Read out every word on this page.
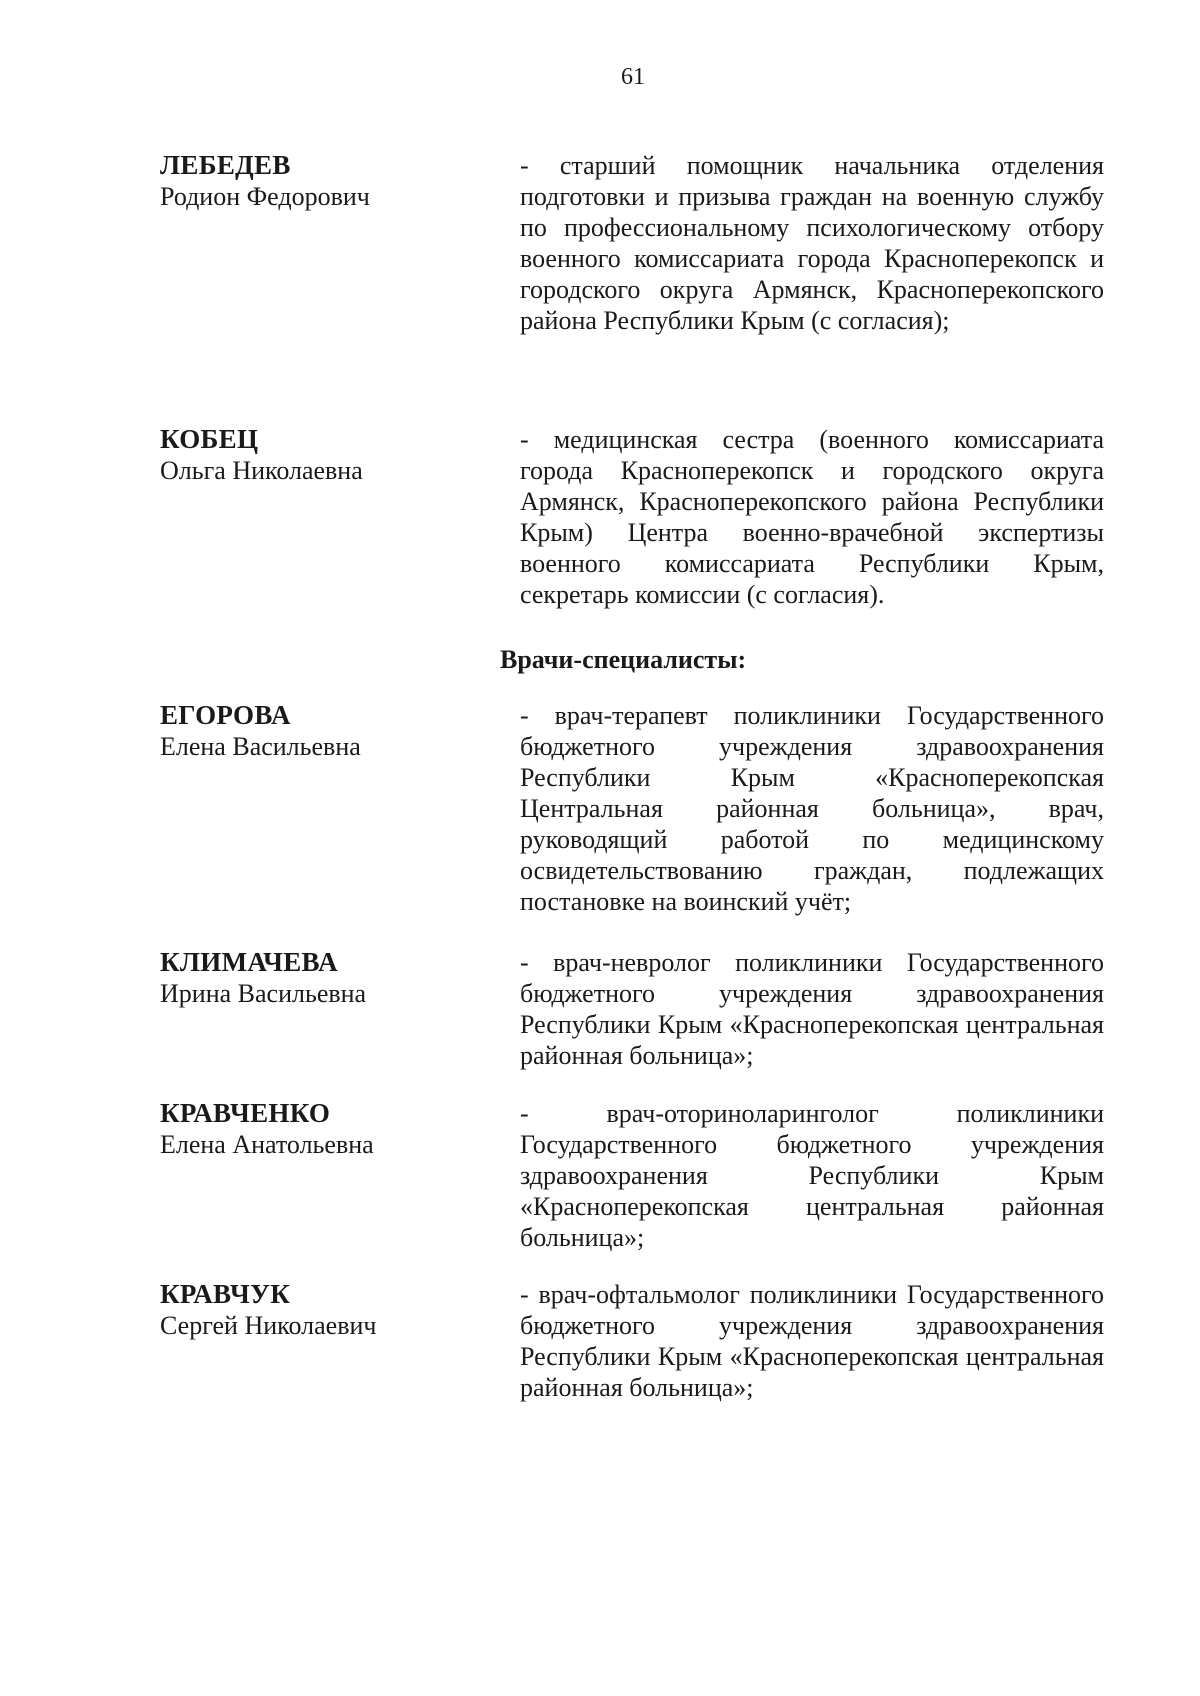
61
ЛЕБЕДЕВ
Родион Федорович
- старший помощник начальника отделения подготовки и призыва граждан на военную службу по профессиональному психологическому отбору военного комиссариата города Красноперекопск и городского округа Армянск, Красноперекопского района Республики Крым (с согласия);
КОБЕЦ
Ольга Николаевна
- медицинская сестра (военного комиссариата города Красноперекопск и городского округа Армянск, Красноперекопского района Республики Крым) Центра военно-врачебной экспертизы военного комиссариата Республики Крым, секретарь комиссии (с согласия).
Врачи-специалисты:
ЕГОРОВА
Елена Васильевна
- врач-терапевт поликлиники Государственного бюджетного учреждения здравоохранения Республики Крым «Красноперекопская Центральная районная больница», врач, руководящий работой по медицинскому освидетельствованию граждан, подлежащих постановке на воинский учёт;
КЛИМАЧЕВА
Ирина Васильевна
- врач-невролог поликлиники Государственного бюджетного учреждения здравоохранения Республики Крым «Красноперекопская центральная районная больница»;
КРАВЧЕНКО
Елена Анатольевна
- врач-оториноларинголог поликлиники Государственного бюджетного учреждения здравоохранения Республики Крым «Красноперекопская центральная районная больница»;
КРАВЧУК
Сергей Николаевич
- врач-офтальмолог поликлиники Государственного бюджетного учреждения здравоохранения Республики Крым «Красноперекопская центральная районная больница»;
